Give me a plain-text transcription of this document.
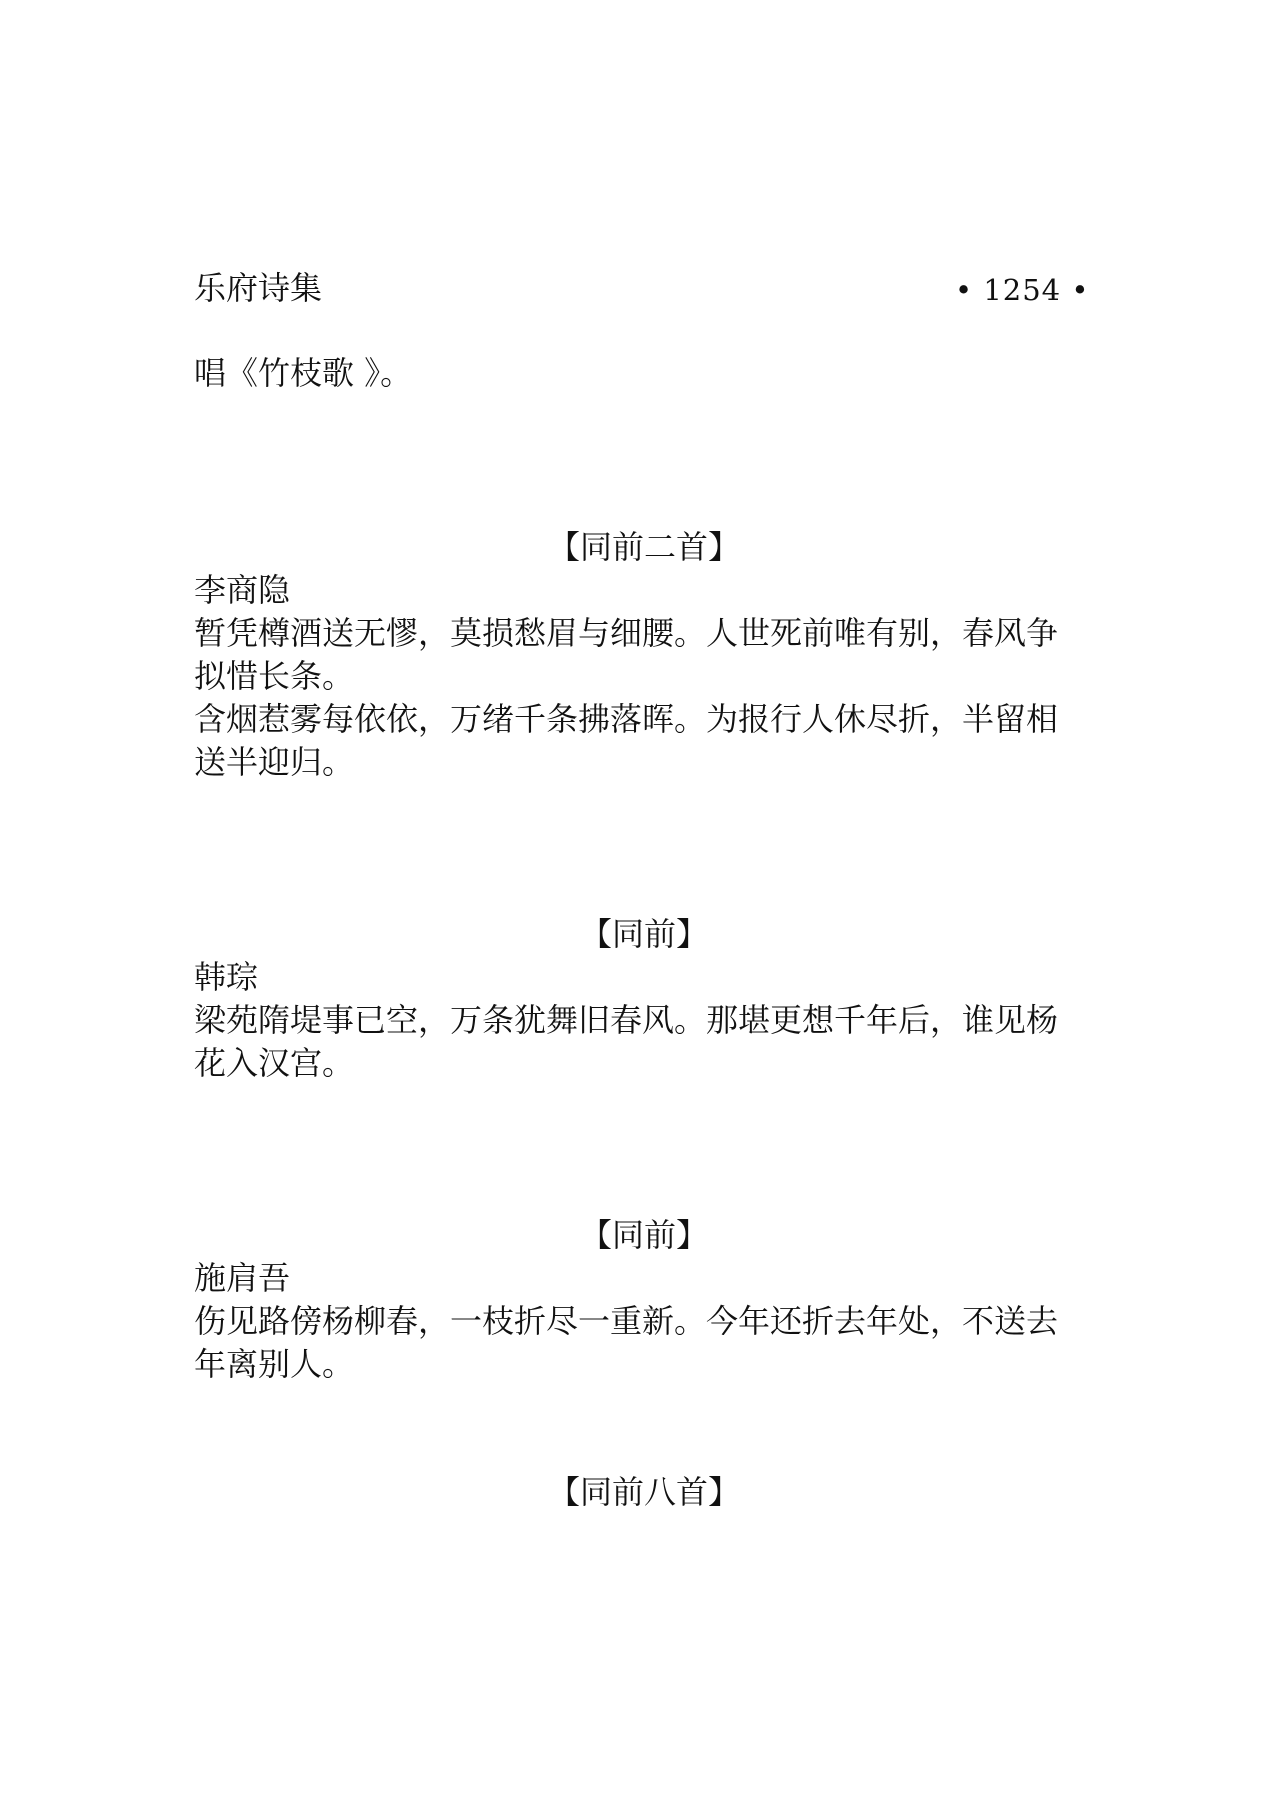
乐府诗集	• 1254 •
唱《竹枝歌 》。
【同前二首】
李商隐
暂凭樽酒送无憀，莫损愁眉与细腰。人世死前唯有别，春风争
拟惜长条。
含烟惹雾每依依，万绪千条拂落晖。为报行人休尽折，半留相
送半迎归。
【同前】
韩琮
梁苑隋堤事已空，万条犹舞旧春风。那堪更想千年后，谁见杨
花入汉宫。
【同前】
施肩吾
伤见路傍杨柳春，一枝折尽一重新。今年还折去年处，不送去
年离别人。
【同前八首】
